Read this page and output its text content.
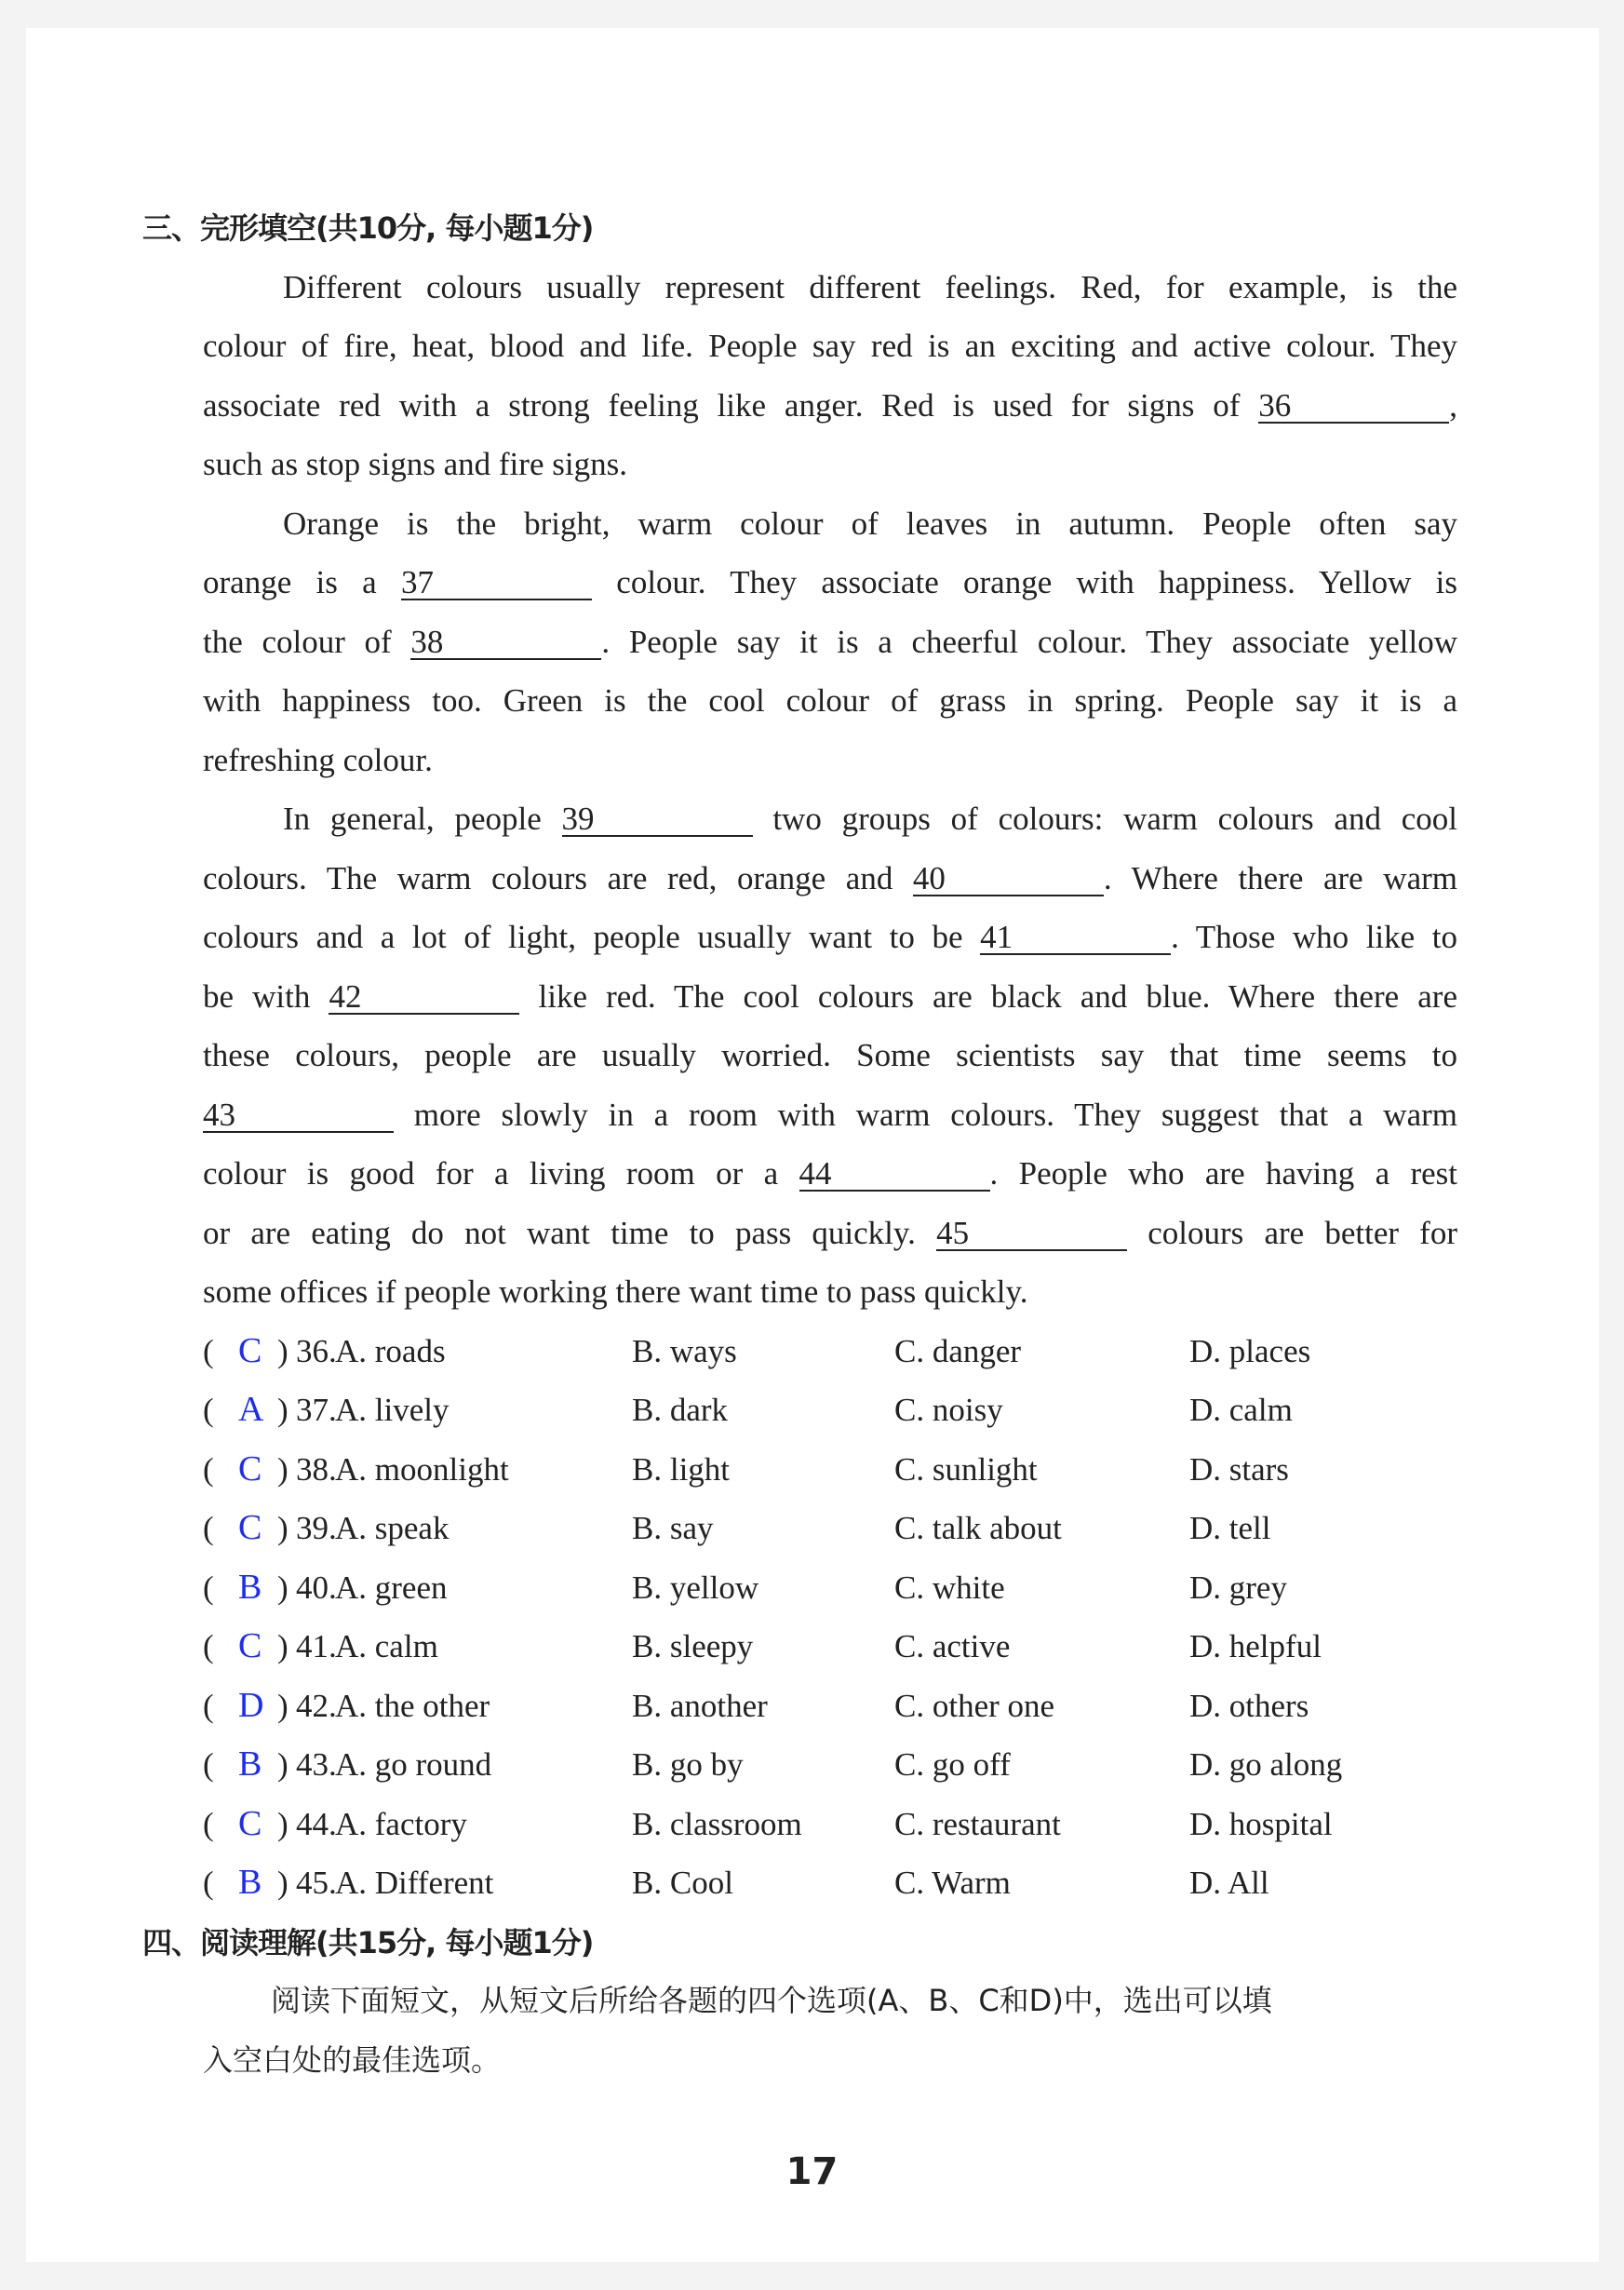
三、完形填空(共10分, 每小题1分)
Different colours usually represent different feelings. Red, for example, is the
colour of fire, heat, blood and life. People say red is an exciting and active colour. They
associate red with a strong feeling like anger. Red is used for signs of 36	,
such as stop signs and fire signs.
Orange is the bright, warm colour of leaves in autumn. People often say
orange is a 37	colour. They associate orange with happiness. Yellow is
the colour of 38	. People say it is a cheerful colour. They associate yellow
with happiness too. Green is the cool colour of grass in spring. People say it is a
refreshing colour.
In general, people 39	two groups of colours: warm colours and cool
colours. The warm colours are red, orange and 40	. Where there are warm
colours and a lot of light, people usually want to be 41	. Those who like to
be with 42	like red. The cool colours are black and blue. Where there are
these colours, people are usually worried. Some scientists say that time seems to
43	more slowly in a room with warm colours. They suggest that a warm
colour is good for a living room or a 44	. People who are having a rest
or are eating do not want time to pass quickly. 45	colours are better for
some offices if people working there want time to pass quickly.
( C ) 36.
A. roads	B. ways	C. danger	D. places
( A ) 37.
A. lively	B. dark	C. noisy	D. calm
( C ) 38.
A. moonlight	B. light	C. sunlight	D. stars
( C ) 39.
A. speak	B. say	C. talk about	D. tell
( B ) 40.
A. green	B. yellow	C. white	D. grey
( C ) 41.
A. calm	B. sleepy	C. active	D. helpful
( D ) 42.
A. the other	B. another	C. other one	D. others
( B ) 43.
A. go round	B. go by	C. go off	D. go along
( C ) 44.
A. factory	B. classroom	C. restaurant	D. hospital
( B ) 45.
A. Different	B. Cool	C. Warm	D. All
四、阅读理解(共15分, 每小题1分)
阅读下面短文，从短文后所给各题的四个选项(A、B、C和D)中，选出可以填
入空白处的最佳选项。
17
